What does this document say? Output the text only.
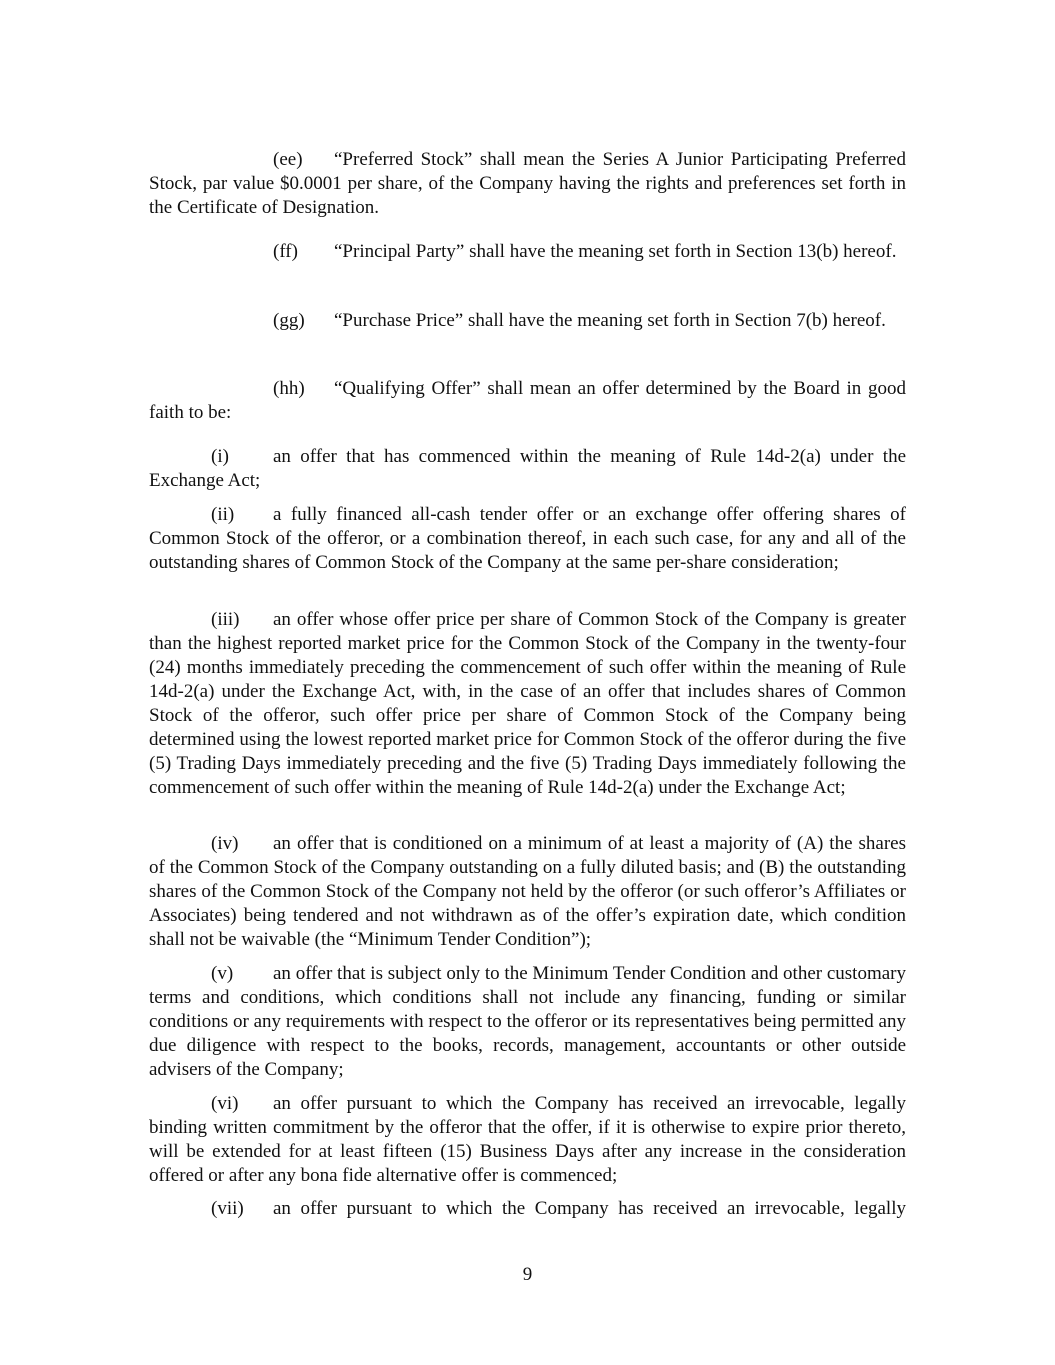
(ee) “Preferred Stock” shall mean the Series A Junior Participating Preferred Stock, par value $0.0001 per share, of the Company having the rights and preferences set forth in the Certificate of Designation.

(ff) “Principal Party” shall have the meaning set forth in Section 13(b) hereof.

(gg) “Purchase Price” shall have the meaning set forth in Section 7(b) hereof.

(hh) “Qualifying Offer” shall mean an offer determined by the Board in good faith to be:

(i) an offer that has commenced within the meaning of Rule 14d-2(a) under the Exchange Act;

(ii) a fully financed all-cash tender offer or an exchange offer offering shares of Common Stock of the offeror, or a combination thereof, in each such case, for any and all of the outstanding shares of Common Stock of the Company at the same per-share consideration;

(iii) an offer whose offer price per share of Common Stock of the Company is greater than the highest reported market price for the Common Stock of the Company in the twenty-four (24) months immediately preceding the commencement of such offer within the meaning of Rule 14d-2(a) under the Exchange Act, with, in the case of an offer that includes shares of Common Stock of the offeror, such offer price per share of Common Stock of the Company being determined using the lowest reported market price for Common Stock of the offeror during the five (5) Trading Days immediately preceding and the five (5) Trading Days immediately following the commencement of such offer within the meaning of Rule 14d-2(a) under the Exchange Act;

(iv) an offer that is conditioned on a minimum of at least a majority of (A) the shares of the Common Stock of the Company outstanding on a fully diluted basis; and (B) the outstanding shares of the Common Stock of the Company not held by the offeror (or such offeror’s Affiliates or Associates) being tendered and not withdrawn as of the offer’s expiration date, which condition shall not be waivable (the “Minimum Tender Condition”);

(v) an offer that is subject only to the Minimum Tender Condition and other customary terms and conditions, which conditions shall not include any financing, funding or similar conditions or any requirements with respect to the offeror or its representatives being permitted any due diligence with respect to the books, records, management, accountants or other outside advisers of the Company;

(vi) an offer pursuant to which the Company has received an irrevocable, legally binding written commitment by the offeror that the offer, if it is otherwise to expire prior thereto, will be extended for at least fifteen (15) Business Days after any increase in the consideration offered or after any bona fide alternative offer is commenced;

(vii) an offer pursuant to which the Company has received an irrevocable, legally

9
